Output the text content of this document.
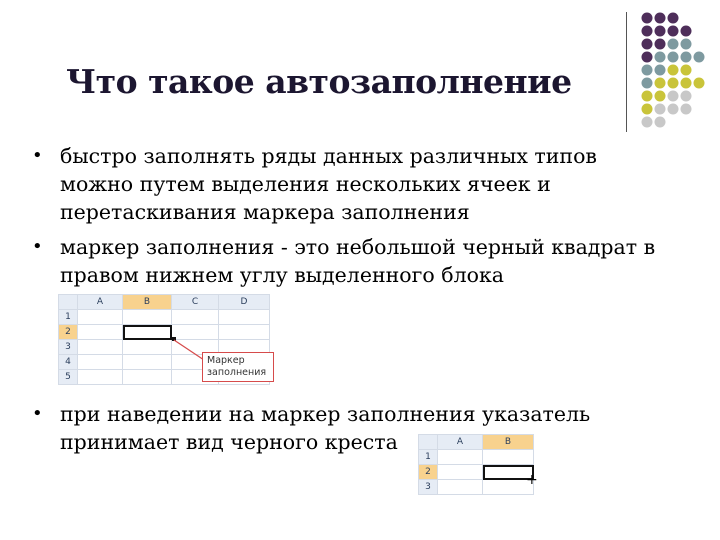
Что такое автозаполнение
• быстро заполнять ряды данных различных типов
можно путем выделения нескольких ячеек и
перетаскивания маркера заполнения
• маркер заполнения - это небольшой черный квадрат в
правом нижнем углу выделенного блока
	A	B	C	D
1				
2				
3				
4				
5				
Маркер
заполнения
• при наведении на маркер заполнения указатель
принимает вид черного креста
		A	B
1		
2		
3			+
